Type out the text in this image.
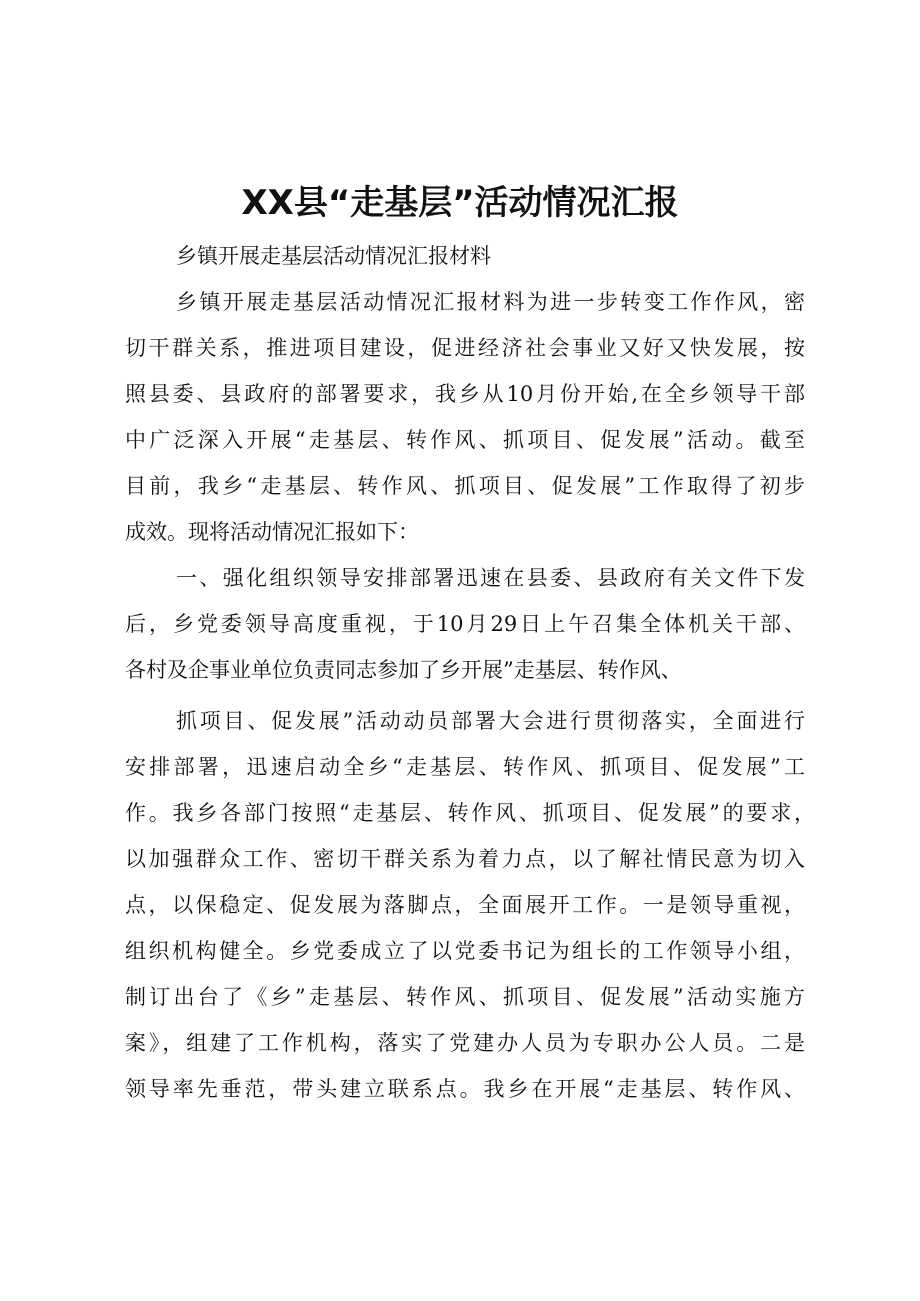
XX县“走基层”活动情况汇报

乡镇开展走基层活动情况汇报材料

乡镇开展走基层活动情况汇报材料为进一步转变工作作风，密

切干群关系，推进项目建设，促进经济社会事业又好又快发展，按

照县委、县政府的部署要求，我乡从10月份开始,在全乡领导干部

中广泛深入开展“走基层、转作风、抓项目、促发展”活动。截至

目前，我乡“走基层、转作风、抓项目、促发展”工作取得了初步

成效。现将活动情况汇报如下：

一、强化组织领导安排部署迅速在县委、县政府有关文件下发

后，乡党委领导高度重视，于10月29日上午召集全体机关干部、

各村及企事业单位负责同志参加了乡开展”走基层、转作风、

抓项目、促发展”活动动员部署大会进行贯彻落实，全面进行

安排部署，迅速启动全乡“走基层、转作风、抓项目、促发展”工

作。我乡各部门按照“走基层、转作风、抓项目、促发展”的要求，

以加强群众工作、密切干群关系为着力点，以了解社情民意为切入

点，以保稳定、促发展为落脚点，全面展开工作。一是领导重视，

组织机构健全。乡党委成立了以党委书记为组长的工作领导小组，

制订出台了《乡”走基层、转作风、抓项目、促发展”活动实施方

案》，组建了工作机构，落实了党建办人员为专职办公人员。二是

领导率先垂范，带头建立联系点。我乡在开展“走基层、转作风、
